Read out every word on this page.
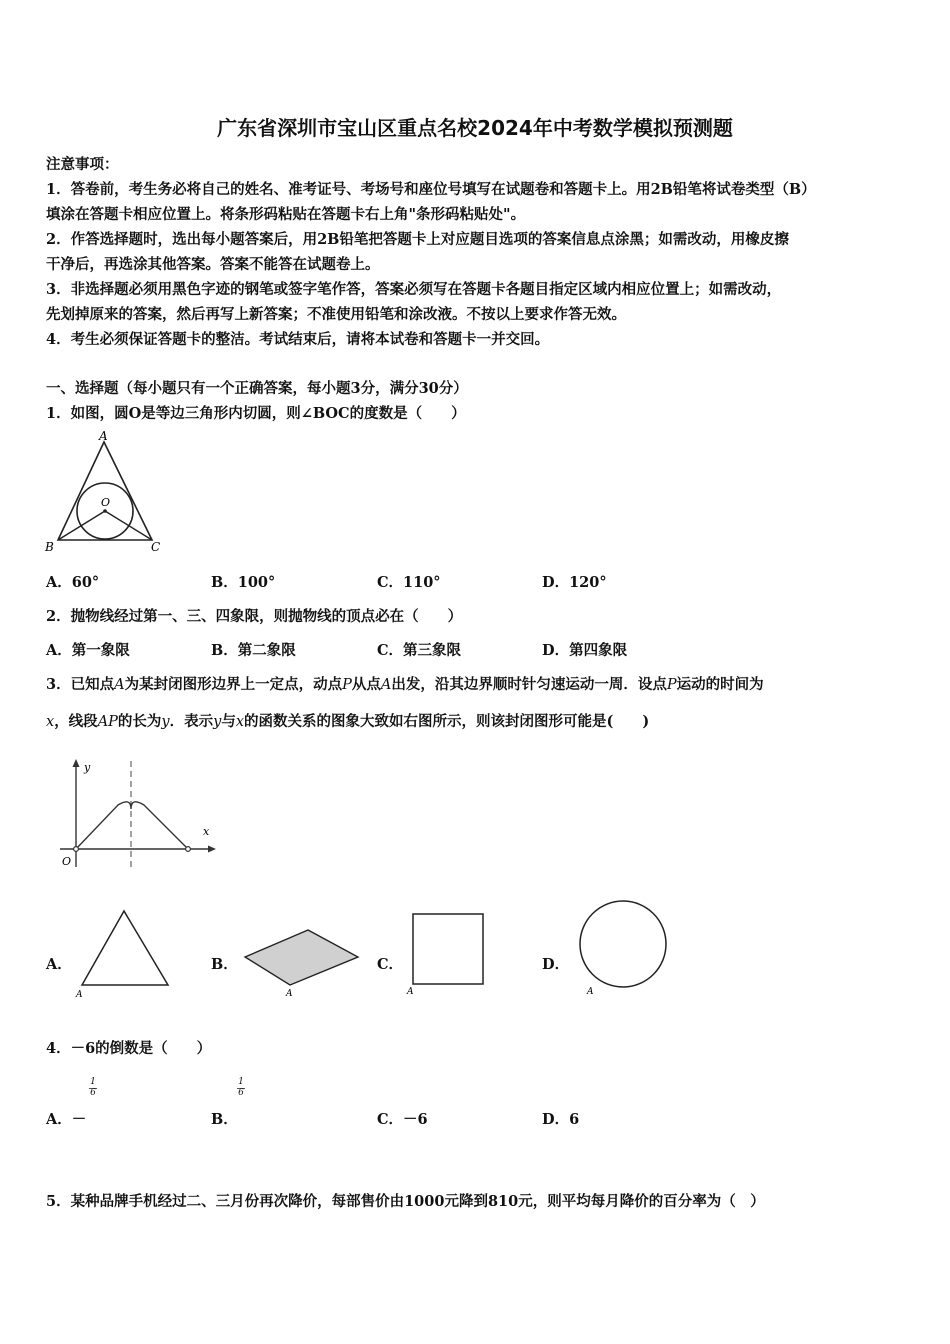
广东省深圳市宝山区重点名校2024年中考数学模拟预测题
注意事项：
1．答卷前，考生务必将自己的姓名、准考证号、考场号和座位号填写在试题卷和答题卡上。用2B铅笔将试卷类型（B）
填涂在答题卡相应位置上。将条形码粘贴在答题卡右上角"条形码粘贴处"。
2．作答选择题时，选出每小题答案后，用2B铅笔把答题卡上对应题目选项的答案信息点涂黑；如需改动，用橡皮擦
干净后，再选涂其他答案。答案不能答在试题卷上。
3．非选择题必须用黑色字迹的钢笔或签字笔作答，答案必须写在答题卡各题目指定区域内相应位置上；如需改动，
先划掉原来的答案，然后再写上新答案；不准使用铅笔和涂改液。不按以上要求作答无效。
4．考生必须保证答题卡的整洁。考试结束后，请将本试卷和答题卡一并交回。
一、选择题（每小题只有一个正确答案，每小题3分，满分30分）
1．如图，圆O是等边三角形内切圆，则∠BOC的度数是（　　）
A
B	C
O
A．60°	B．100°	C．110°	D．120°
2．抛物线经过第一、三、四象限，则抛物线的顶点必在（　　）
A．第一象限	B．第二象限	C．第三象限	D．第四象限
3．已知点A为某封闭图形边界上一定点，动点P从点A出发，沿其边界顺时针匀速运动一周．设点P运动的时间为
x，线段AP的长为y．表示y与x的函数关系的图象大致如右图所示，则该封闭图形可能是(　　)
y
x
O
A．
A
B．
A
C．
A
D．
A
4．－6的倒数是（　　）
A．－
1
6
B．
1
6
C．－6	D．6
5．某种品牌手机经过二、三月份再次降价，每部售价由1000元降到810元，则平均每月降价的百分率为（　）
